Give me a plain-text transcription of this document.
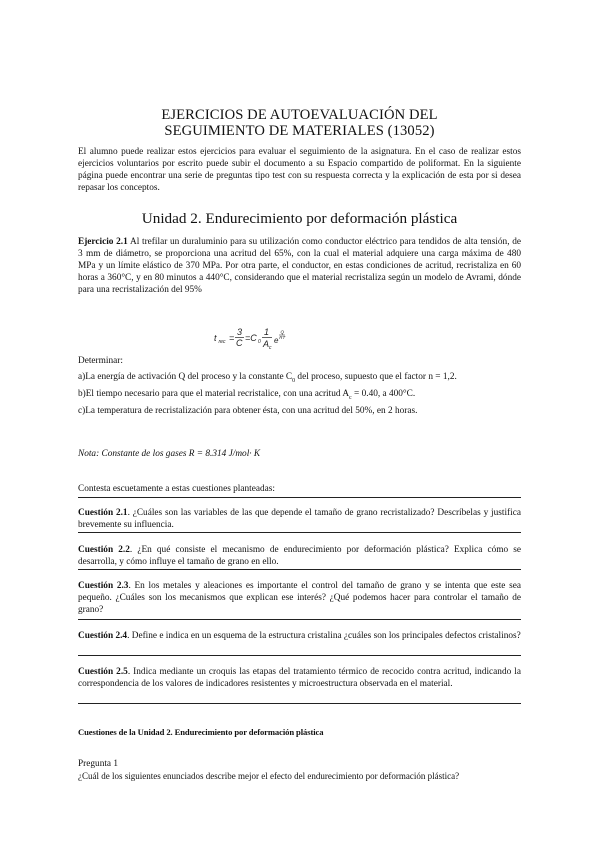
EJERCICIOS DE AUTOEVALUACIÓN DEL
SEGUIMIENTO DE MATERIALES (13052)

El alumno puede realizar estos ejercicios para evaluar el seguimiento de la asignatura. En el caso de realizar estos ejercicios voluntarios por escrito puede subir el documento a su Espacio compartido de poliformat. En la siguiente página puede encontrar una serie de preguntas tipo test con su respuesta correcta y la explicación de esta por si desea repasar los conceptos.

Unidad 2. Endurecimiento por deformación plástica

Ejercicio 2.1 Al trefilar un duraluminio para su utilización como conductor eléctrico para tendidos de alta tensión, de 3 mm de diámetro, se proporciona una acritud del 65%, con la cual el material adquiere una carga máxima de 480 MPa y un límite elástico de 370 MPa. Por otra parte, el conductor, en estas condiciones de acritud, recristaliza en 60 horas a 360°C, y en 80 minutos a 440°C, considerando que el material recristaliza según un modelo de Avrami, dónde para una recristalización del 95%

t rec =
3
C =C 0
1
A c
e
Q
RT

Determinar:

a)La energía de activación Q del proceso y la constante $C_0$ del proceso, supuesto que el factor n = 1,2.
b)El tiempo necesario para que el material recristalice, con una acritud $A_c = 0.40$, a 400°C.
c)La temperatura de recristalización para obtener ésta, con una acritud del 50%, en 2 horas.

Nota: Constante de los gases R = 8.314 J/mol· K

Contesta escuetamente a estas cuestiones planteadas:

Cuestión 2.1. ¿Cuáles son las variables de las que depende el tamaño de grano recristalizado? Descríbelas y justifica brevemente su influencia.

Cuestión 2.2. ¿En qué consiste el mecanismo de endurecimiento por deformación plástica? Explica cómo se desarrolla, y cómo influye el tamaño de grano en ello.

Cuestión 2.3. En los metales y aleaciones es importante el control del tamaño de grano y se intenta que este sea pequeño. ¿Cuáles son los mecanismos que explican ese interés? ¿Qué podemos hacer para controlar el tamaño de grano?

Cuestión 2.4. Define e indica en un esquema de la estructura cristalina ¿cuáles son los principales defectos cristalinos?

Cuestión 2.5. Indica mediante un croquis las etapas del tratamiento térmico de recocido contra acritud, indicando la correspondencia de los valores de indicadores resistentes y microestructura observada en el material.

Cuestiones de la Unidad 2. Endurecimiento por deformación plástica

Pregunta 1

¿Cuál de los siguientes enunciados describe mejor el efecto del endurecimiento por deformación plástica?
